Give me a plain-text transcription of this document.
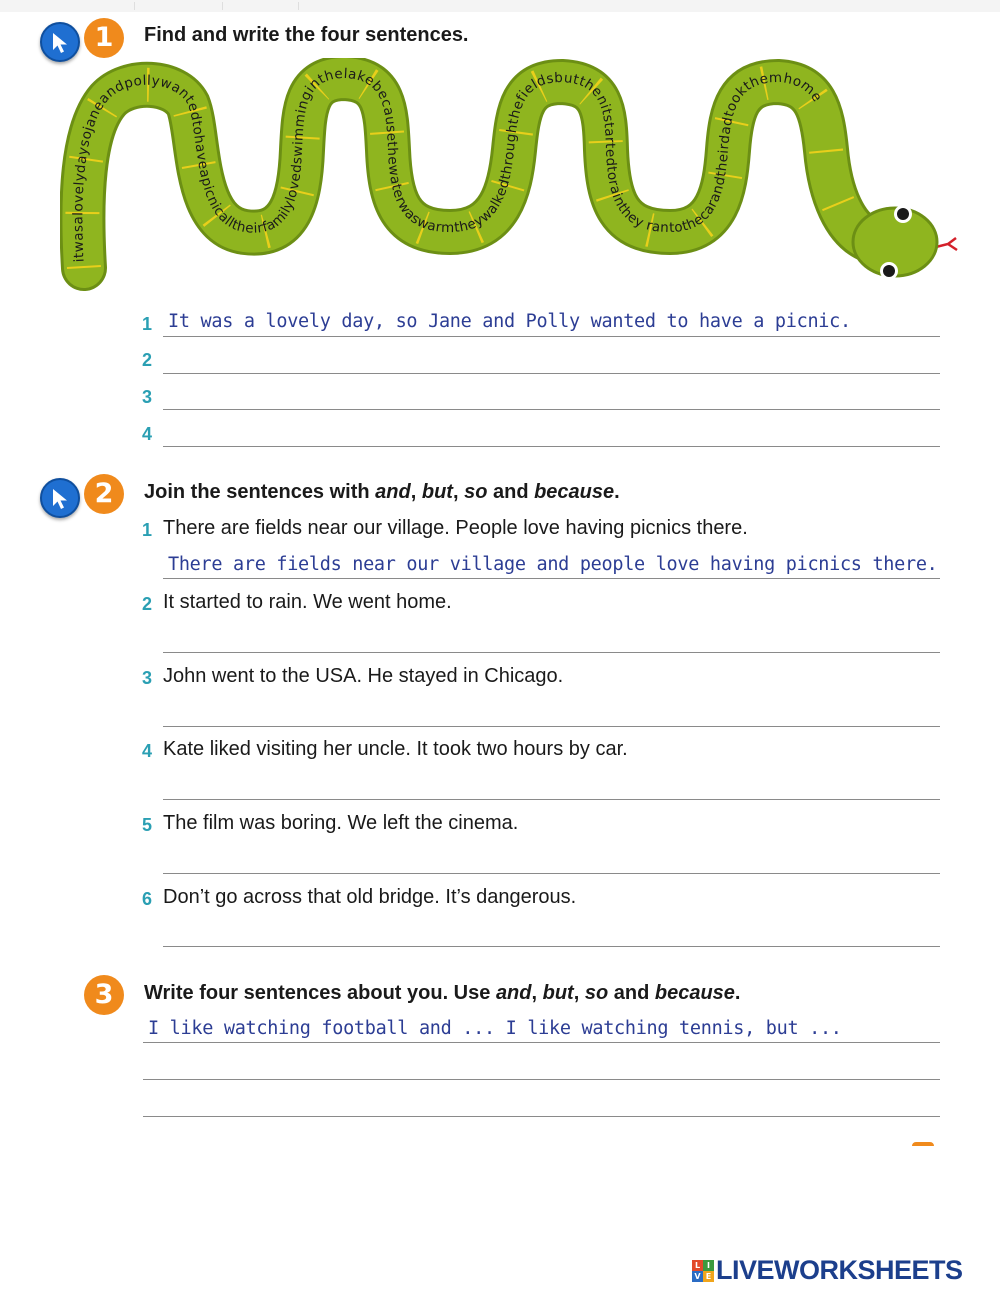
1	Find and write the four sentences.
itwasalovelydaysojaneandpollywantedtohaveapicnicalltheirfamilylovedswimminginthelakebecausethewaterwaswarmtheywalkedthroughthefieldsbutthenitstartedtorainthey rantothecarandtheirdadtookthemhome
1 It was a lovely day, so Jane and Polly wanted to have a picnic.
2
3
4
2	Join the sentences with and, but, so and because.
1 There are fields near our village. People love having picnics there.
There are fields near our village and people love having picnics there.
2 It started to rain. We went home.
3 John went to the USA. He stayed in Chicago.
4 Kate liked visiting her uncle. It took two hours by car.
5 The film was boring. We left the cinema.
6 Don’t go across that old bridge. It’s dangerous.
3	Write four sentences about you. Use and, but, so and because.
I like watching football and ... I like watching tennis, but ...
L I
V E LIVEWORKSHEETS
